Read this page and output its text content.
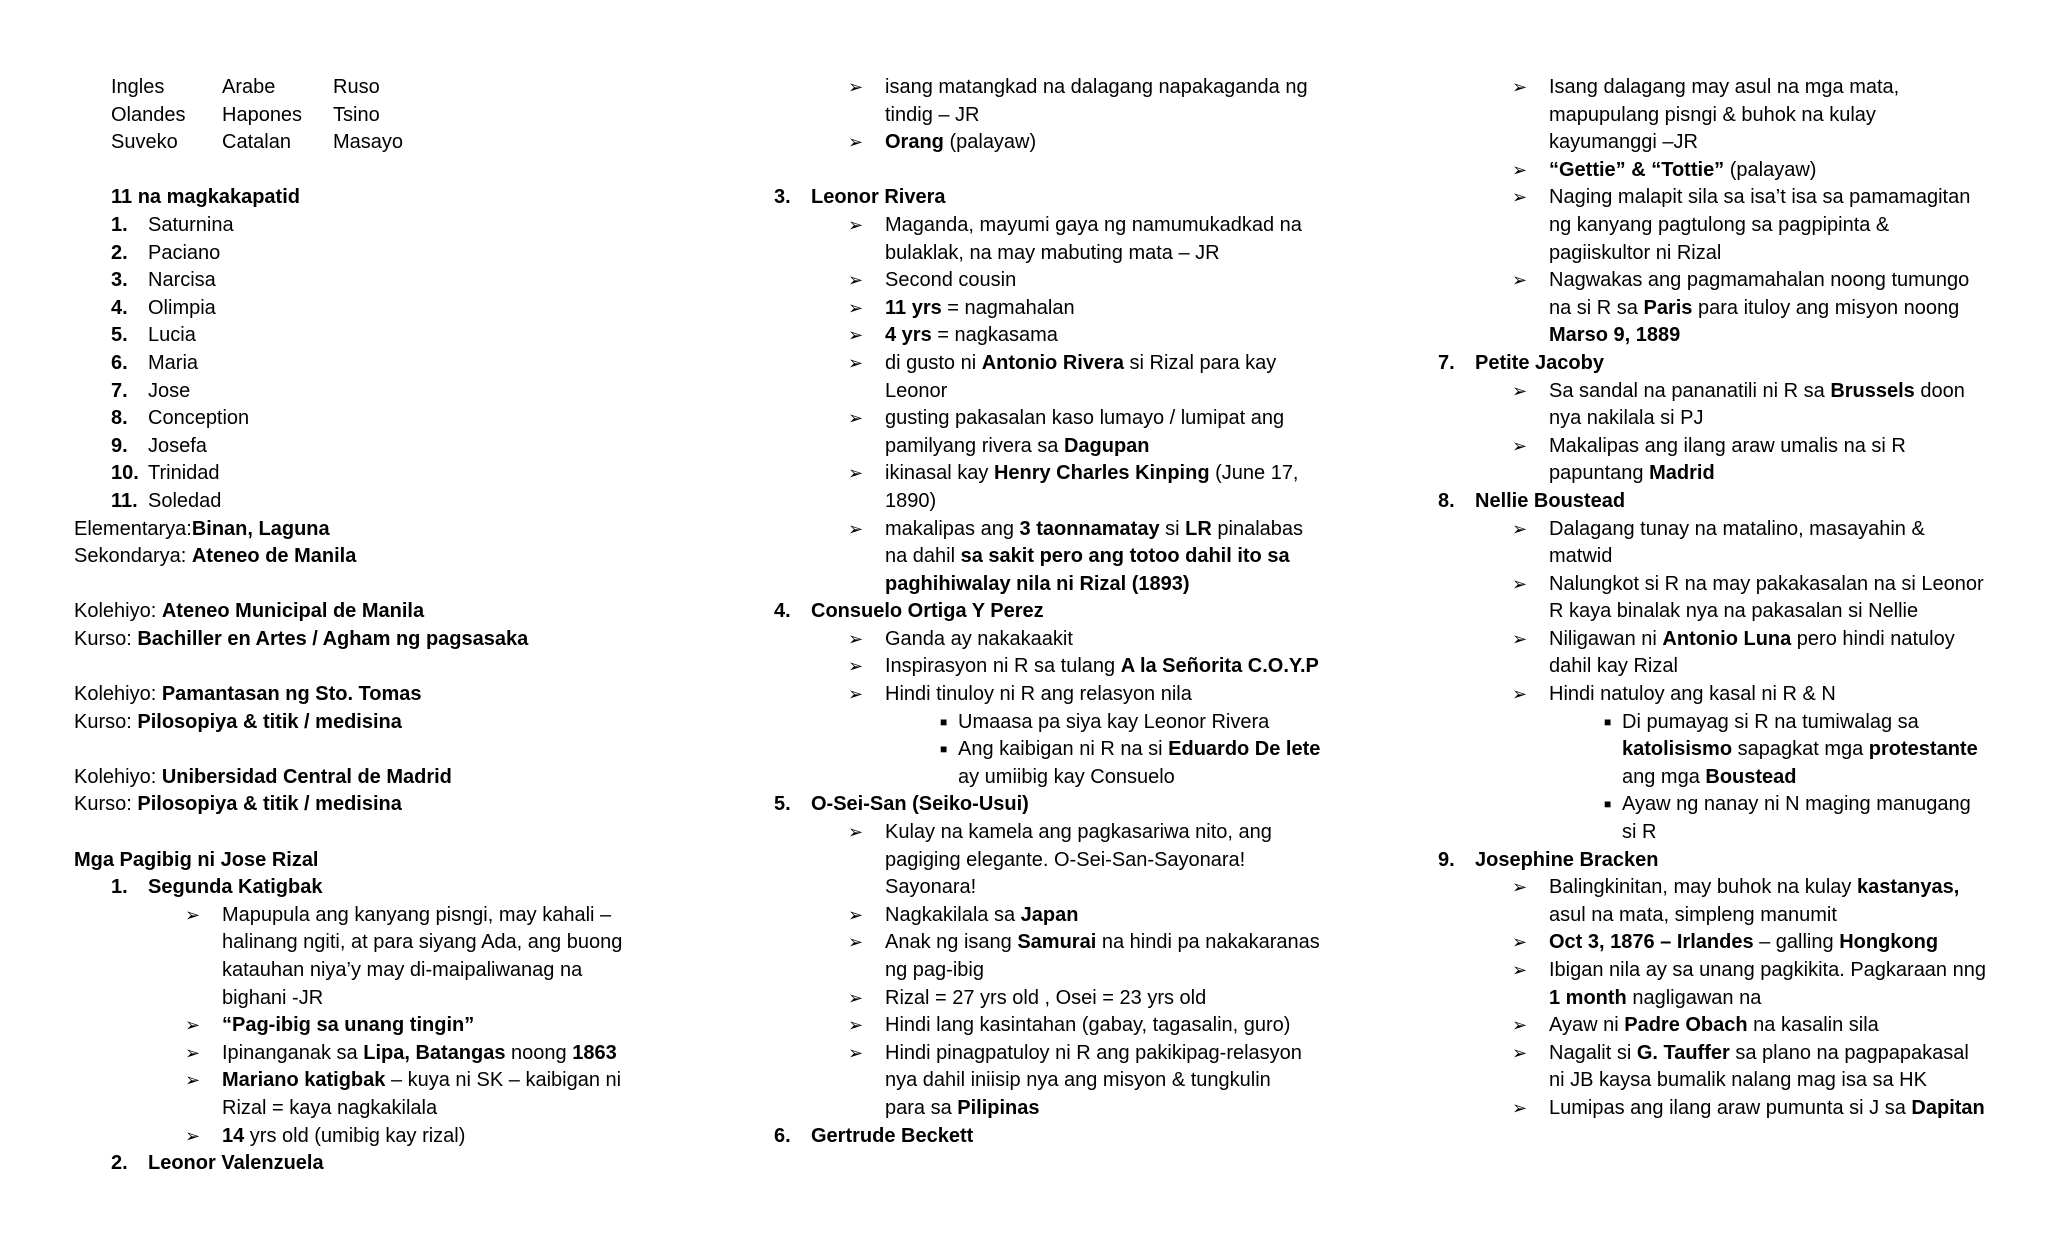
Ingles	Arabe	Ruso
Olandes	Hapones	Tsino
Suveko	Catalan	Masayo
11 na magkakapatid
1.	Saturnina
2.	Paciano
3.	Narcisa
4.	Olimpia
5.	Lucia
6.	Maria
7.	Jose
8.	Conception
9.	Josefa
10. Trinidad
11. Soledad
Elementarya:Binan, Laguna
Sekondarya: Ateneo de Manila
Kolehiyo: Ateneo Municipal de Manila
Kurso: Bachiller en Artes / Agham ng pagsasaka
Kolehiyo: Pamantasan ng Sto. Tomas
Kurso: Pilosopiya & titik / medisina
Kolehiyo: Unibersidad Central de Madrid
Kurso: Pilosopiya & titik / medisina
Mga Pagibig ni Jose Rizal
1.	Segunda Katigbak
➢	Mapupula ang kanyang pisngi, may kahali –
halinang ngiti, at para siyang Ada, ang buong
katauhan niya’y may di-maipaliwanag na
bighani -JR
➢	“Pag-ibig sa unang tingin”
➢	Ipinanganak sa Lipa, Batangas noong 1863
➢	Mariano katigbak – kuya ni SK – kaibigan ni
Rizal = kaya nagkakilala
➢	14 yrs old (umibig kay rizal)
2.	Leonor Valenzuela
➢	isang matangkad na dalagang napakaganda ng
tindig – JR
➢	Orang (palayaw)
3.	Leonor Rivera
➢	Maganda, mayumi gaya ng namumukadkad na
bulaklak, na may mabuting mata – JR
➢	Second cousin
➢	11 yrs = nagmahalan
➢	4 yrs = nagkasama
➢	di gusto ni Antonio Rivera si Rizal para kay
Leonor
➢	gusting pakasalan kaso lumayo / lumipat ang
pamilyang rivera sa Dagupan
➢	ikinasal kay Henry Charles Kinping (June 17,
1890)
➢	makalipas ang 3 taonnamatay si LR pinalabas
na dahil sa sakit pero ang totoo dahil ito sa
paghihiwalay nila ni Rizal (1893)
4.	Consuelo Ortiga Y Perez
➢	Ganda ay nakakaakit
➢	Inspirasyon ni R sa tulang A la Señorita C.O.Y.P
➢	Hindi tinuloy ni R ang relasyon nila
■ Umaasa pa siya kay Leonor Rivera
■ Ang kaibigan ni R na si Eduardo De lete
ay umiibig kay Consuelo
5.	O-Sei-San (Seiko-Usui)
➢	Kulay na kamela ang pagkasariwa nito, ang
pagiging elegante. O-Sei-San-Sayonara!
Sayonara!
➢	Nagkakilala sa Japan
➢	Anak ng isang Samurai na hindi pa nakakaranas
ng pag-ibig
➢	Rizal = 27 yrs old , Osei = 23 yrs old
➢	Hindi lang kasintahan (gabay, tagasalin, guro)
➢	Hindi pinagpatuloy ni R ang pakikipag-relasyon
nya dahil iniisip nya ang misyon & tungkulin
para sa Pilipinas
6.	Gertrude Beckett
➢	Isang dalagang may asul na mga mata,
mapupulang pisngi & buhok na kulay
kayumanggi –JR
➢	“Gettie” & “Tottie” (palayaw)
➢	Naging malapit sila sa isa’t isa sa pamamagitan
ng kanyang pagtulong sa pagpipinta &
pagiiskultor ni Rizal
➢	Nagwakas ang pagmamahalan noong tumungo
na si R sa Paris para ituloy ang misyon noong
Marso 9, 1889
7.	Petite Jacoby
➢	Sa sandal na pananatili ni R sa Brussels doon
nya nakilala si PJ
➢	Makalipas ang ilang araw umalis na si R
papuntang Madrid
8.	Nellie Boustead
➢	Dalagang tunay na matalino, masayahin &
matwid
➢	Nalungkot si R na may pakakasalan na si Leonor
R kaya binalak nya na pakasalan si Nellie
➢	Niligawan ni Antonio Luna pero hindi natuloy
dahil kay Rizal
➢	Hindi natuloy ang kasal ni R & N
■ Di pumayag si R na tumiwalag sa
katolisismo sapagkat mga protestante
ang mga Boustead
■ Ayaw ng nanay ni N maging manugang
si R
9.	Josephine Bracken
➢	Balingkinitan, may buhok na kulay kastanyas,
asul na mata, simpleng manumit
➢	Oct 3, 1876 – Irlandes – galling Hongkong
➢	Ibigan nila ay sa unang pagkikita. Pagkaraan nng
1 month nagligawan na
➢	Ayaw ni Padre Obach na kasalin sila
➢	Nagalit si G. Tauffer sa plano na pagpapakasal
ni JB kaysa bumalik nalang mag isa sa HK
➢	Lumipas ang ilang araw pumunta si J sa Dapitan
